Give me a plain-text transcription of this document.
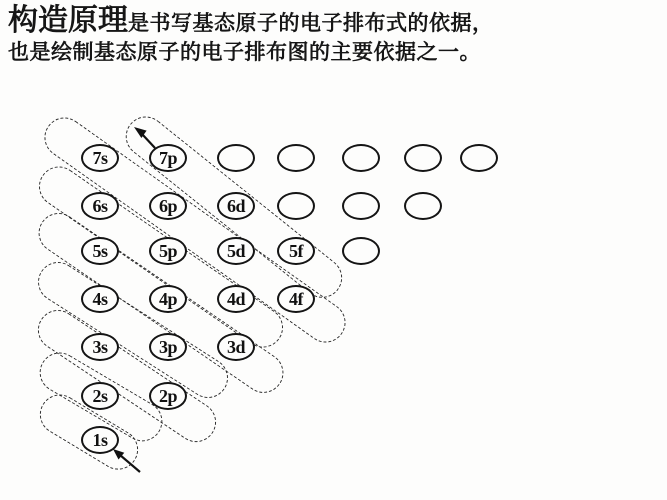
构造原理 是书写基态原子的电子排布式的依据，
也是绘制基态原子的电子排布图的主要依据之一。
7s	7p
6s	6p	6d
5s	5p	5d 5f
4s	4p	4d 4f
3s	3p	3d
2s	2p
1s
